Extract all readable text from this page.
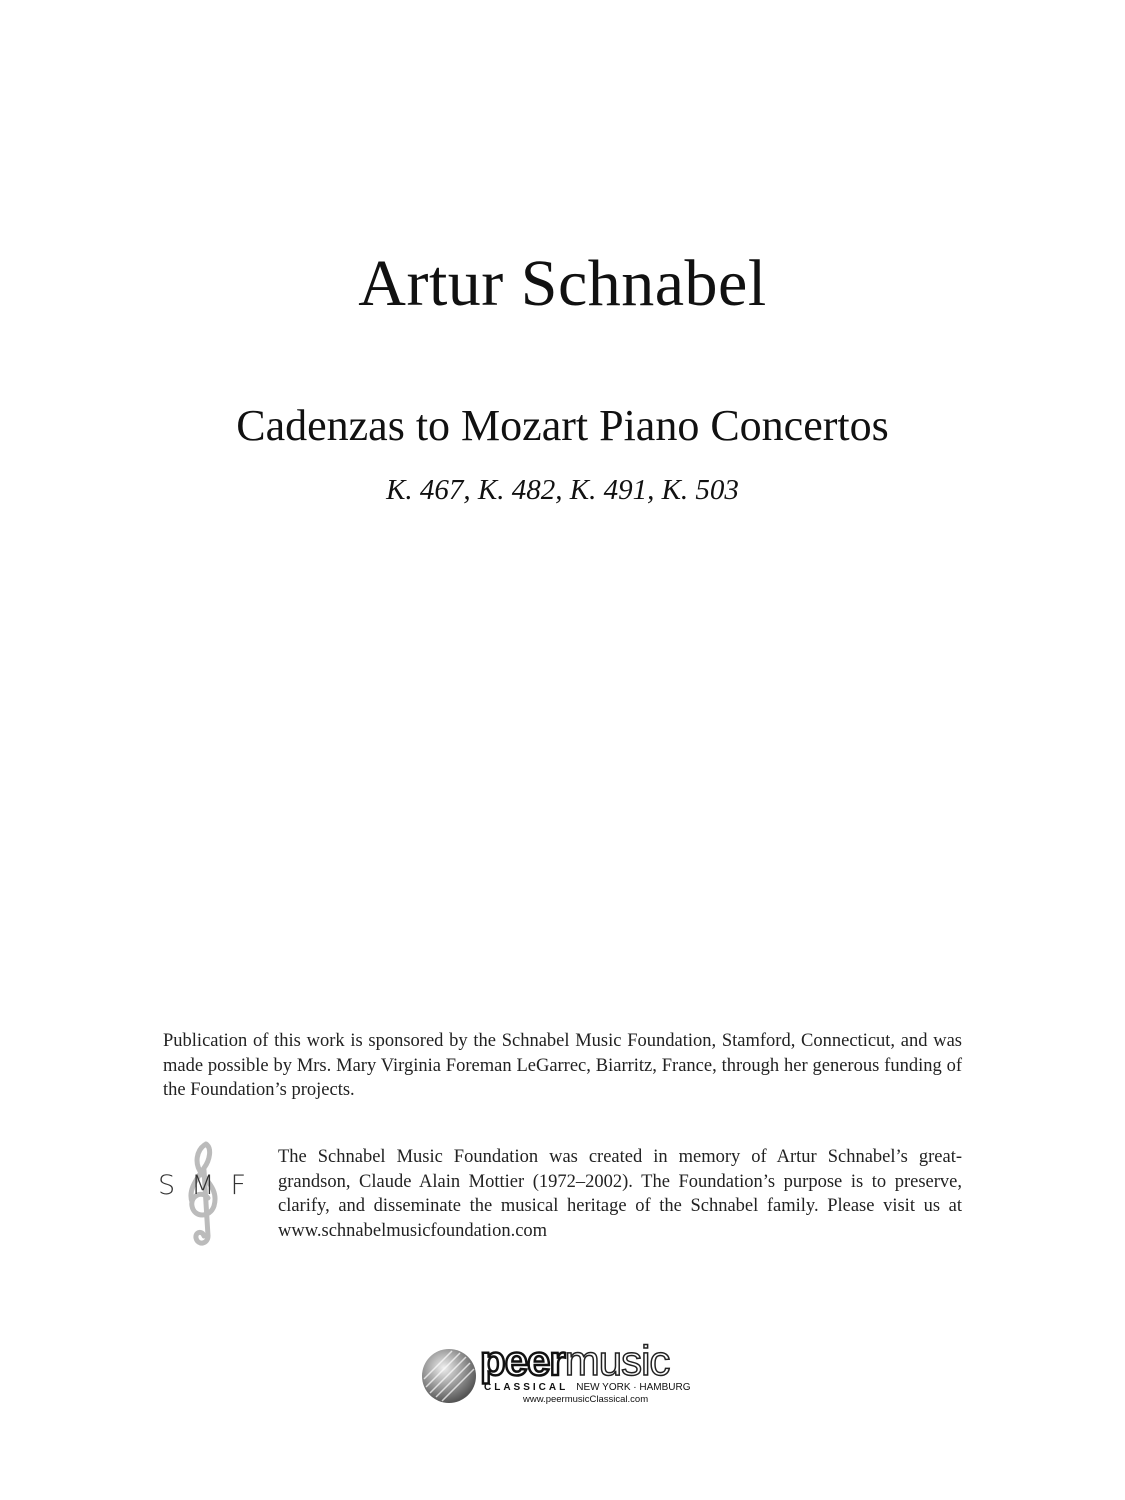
Artur Schnabel
Cadenzas to Mozart Piano Concertos
K. 467, K. 482, K. 491, K. 503
Publication of this work is sponsored by the Schnabel Music Foundation, Stamford, Connecticut, and was made possible by Mrs. Mary Virginia Foreman LeGarrec, Biarritz, France, through her generous funding of the Foundation’s projects.
S M F
The Schnabel Music Foundation was created in memory of Artur Schnabel’s great-grandson, Claude Alain Mottier (1972–2002). The Foundation’s purpose is to preserve, clarify, and disseminate the musical heritage of the Schnabel family. Please visit us at www.schnabelmusicfoundation.com
peermusic
CLASSICAL NEW YORK · HAMBURG
www.peermusicClassical.com
